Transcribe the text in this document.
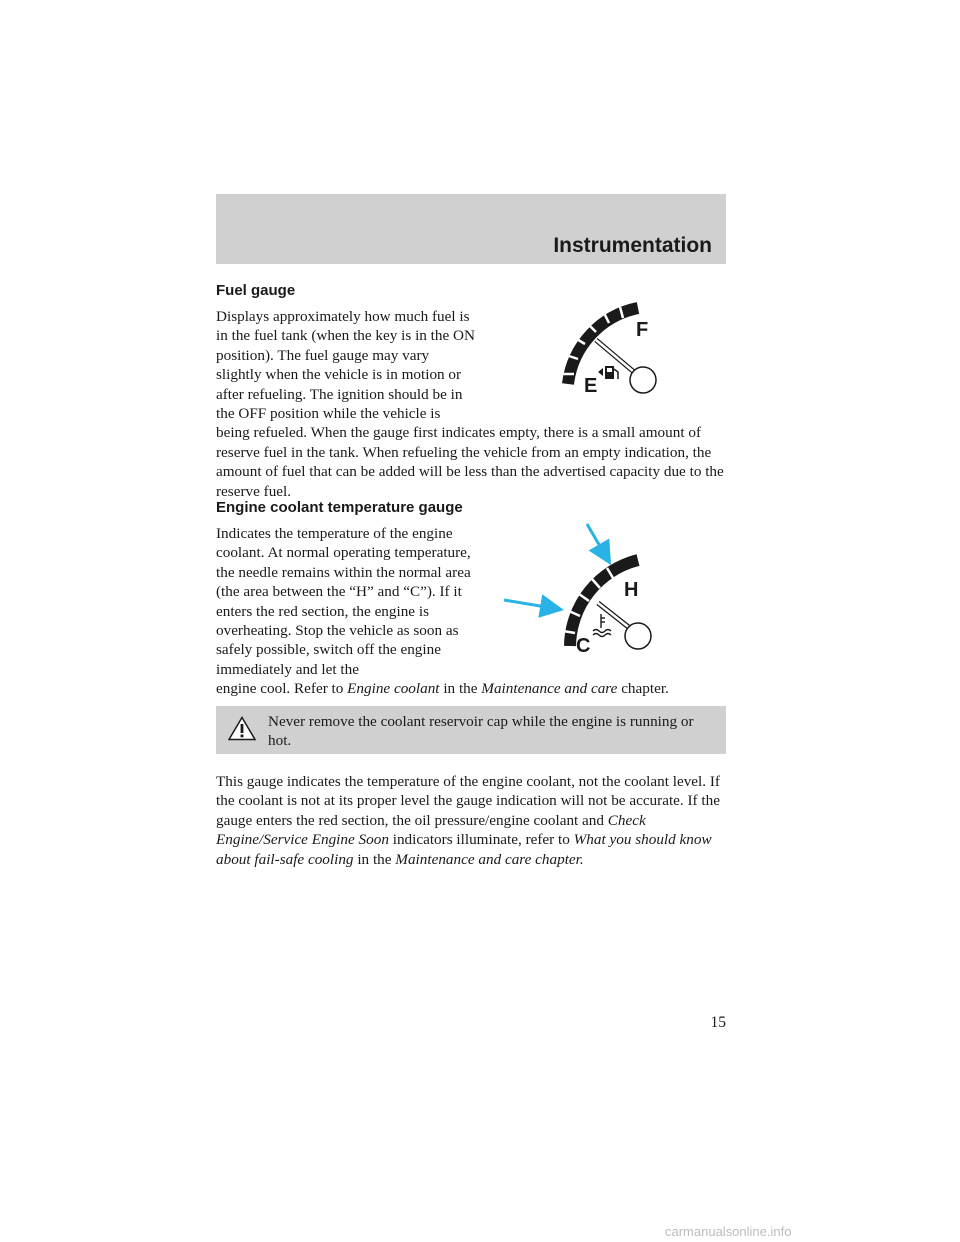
Instrumentation
Fuel gauge

Displays approximately how much fuel is in the fuel tank (when the key is in the ON position). The fuel gauge may vary slightly when the vehicle is in motion or after refueling. The ignition should be in the OFF position while the vehicle is

being refueled. When the gauge first indicates empty, there is a small amount of reserve fuel in the tank. When refueling the vehicle from an empty indication, the amount of fuel that can be added will be less than the advertised capacity due to the reserve fuel.

F
E
Engine coolant temperature gauge

Indicates the temperature of the engine coolant. At normal operating temperature, the needle remains within the normal area (the area between the “H” and “C”). If it enters the red section, the engine is overheating. Stop the vehicle as soon as safely possible, switch off the engine immediately and let the

engine cool. Refer to Engine coolant in the Maintenance and care chapter.

H
C

Never remove the coolant reservoir cap while the engine is running or hot.

This gauge indicates the temperature of the engine coolant, not the coolant level. If the coolant is not at its proper level the gauge indication will not be accurate. If the gauge enters the red section, the oil pressure/engine coolant and Check Engine/Service Engine Soon indicators illuminate, refer to What you should know about fail-safe cooling in the Maintenance and care chapter.

15

carmanualsonline.info
